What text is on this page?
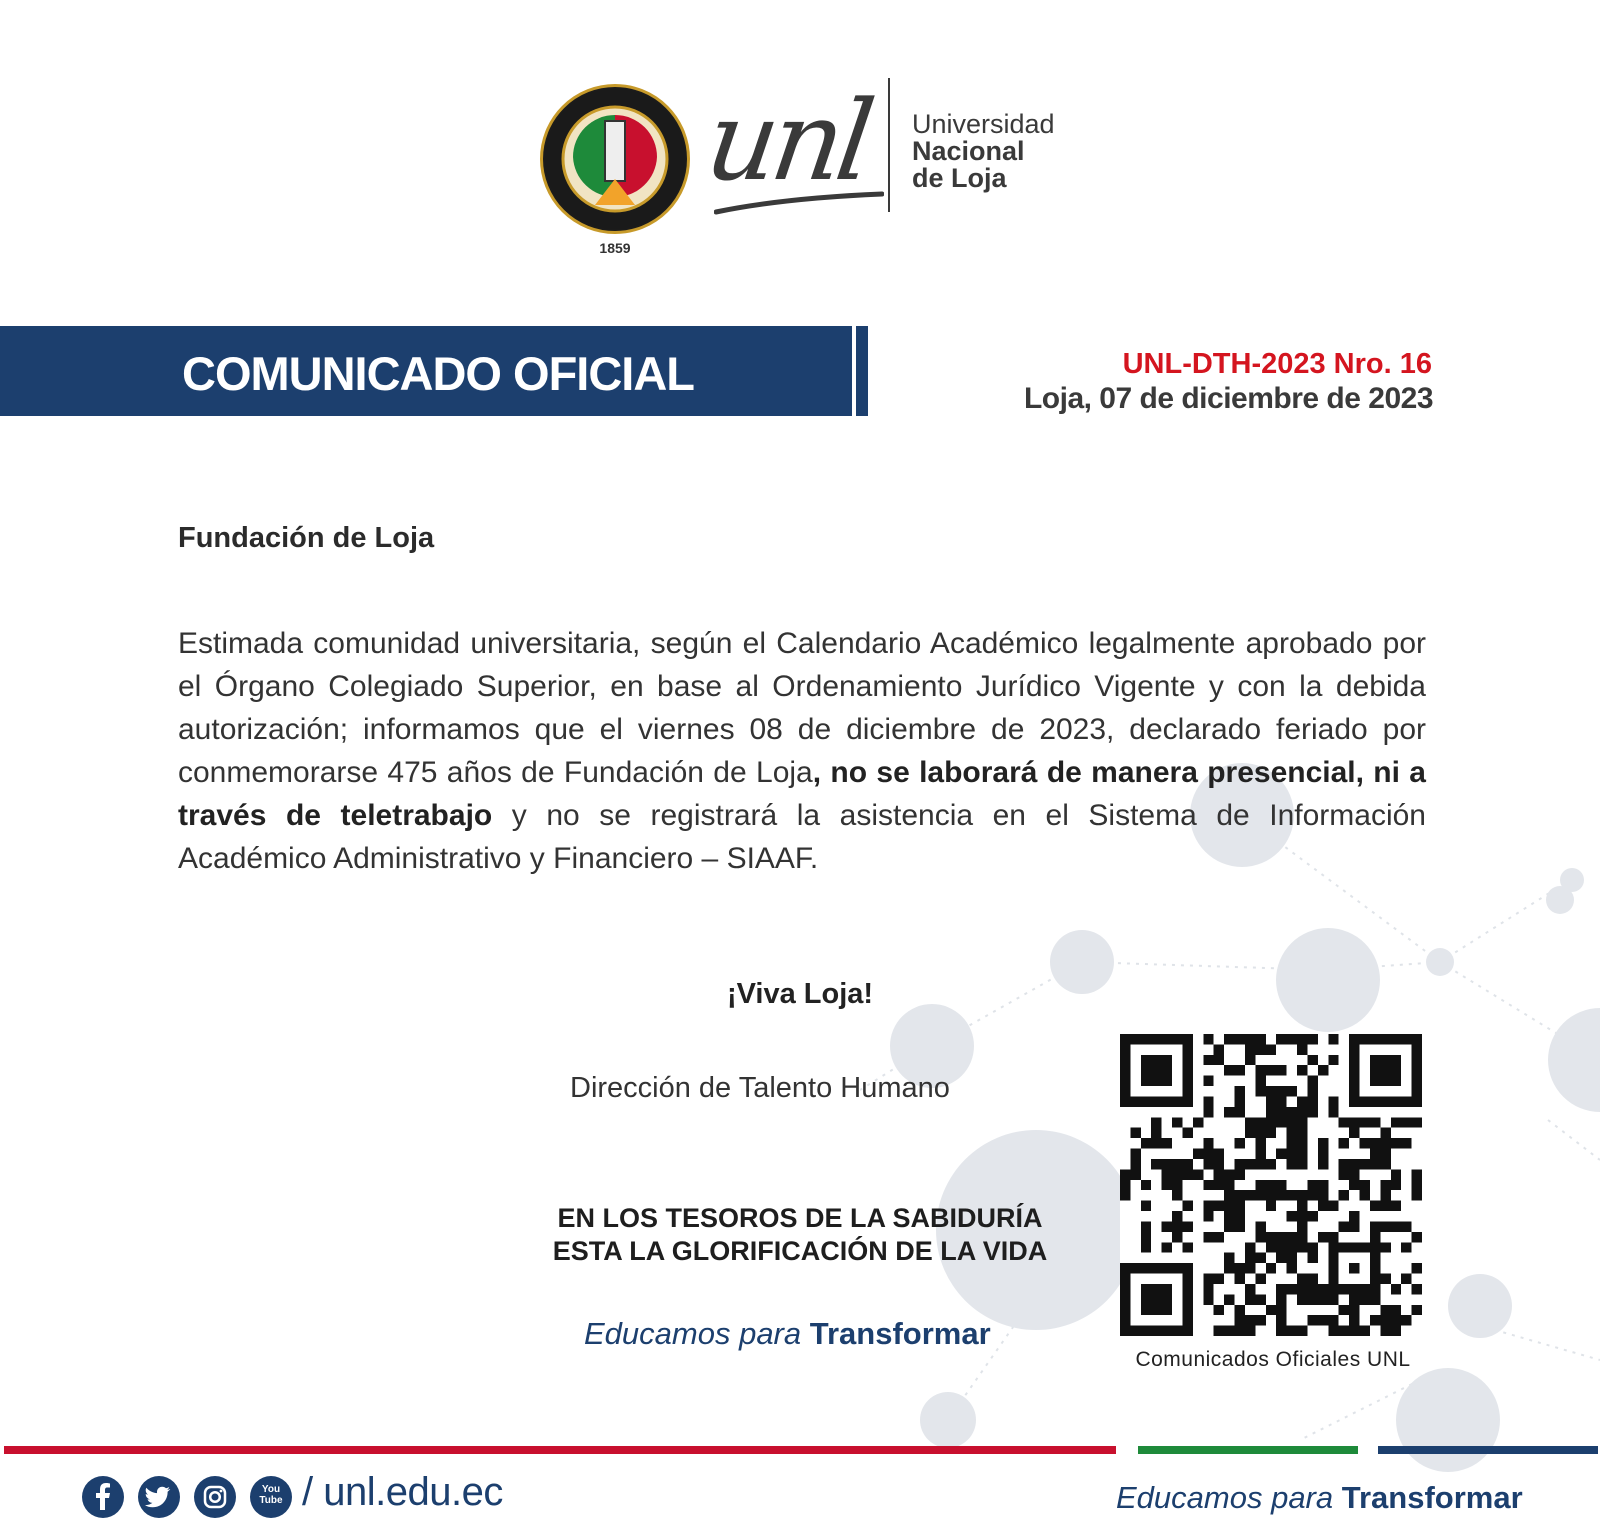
1859
unl Universidad
Nacional
de Loja
COMUNICADO OFICIAL	UNL-DTH-2023 Nro. 16
Loja, 07 de diciembre de 2023
Fundación de Loja
Estimada comunidad universitaria, según el Calendario Académico legalmente aprobado por el Órgano Colegiado Superior, en base al Ordenamiento Jurídico Vigente y con la debida autorización; informamos que el viernes 08 de diciembre de 2023, declarado feriado por conmemorarse 475 años de Fundación de Loja, no se laborará de manera presencial, ni a través de teletrabajo y no se registrará la asistencia en el Sistema de Información Académico Administrativo y Financiero – SIAAF.
¡Viva Loja!
Dirección de Talento Humano
EN LOS TESOROS DE LA SABIDURÍA
ESTA LA GLORIFICACIÓN DE LA VIDA
Educamos para Transformar
Comunicados Oficiales UNL
You
Tube / unl.edu.ec	Educamos para Transformar
